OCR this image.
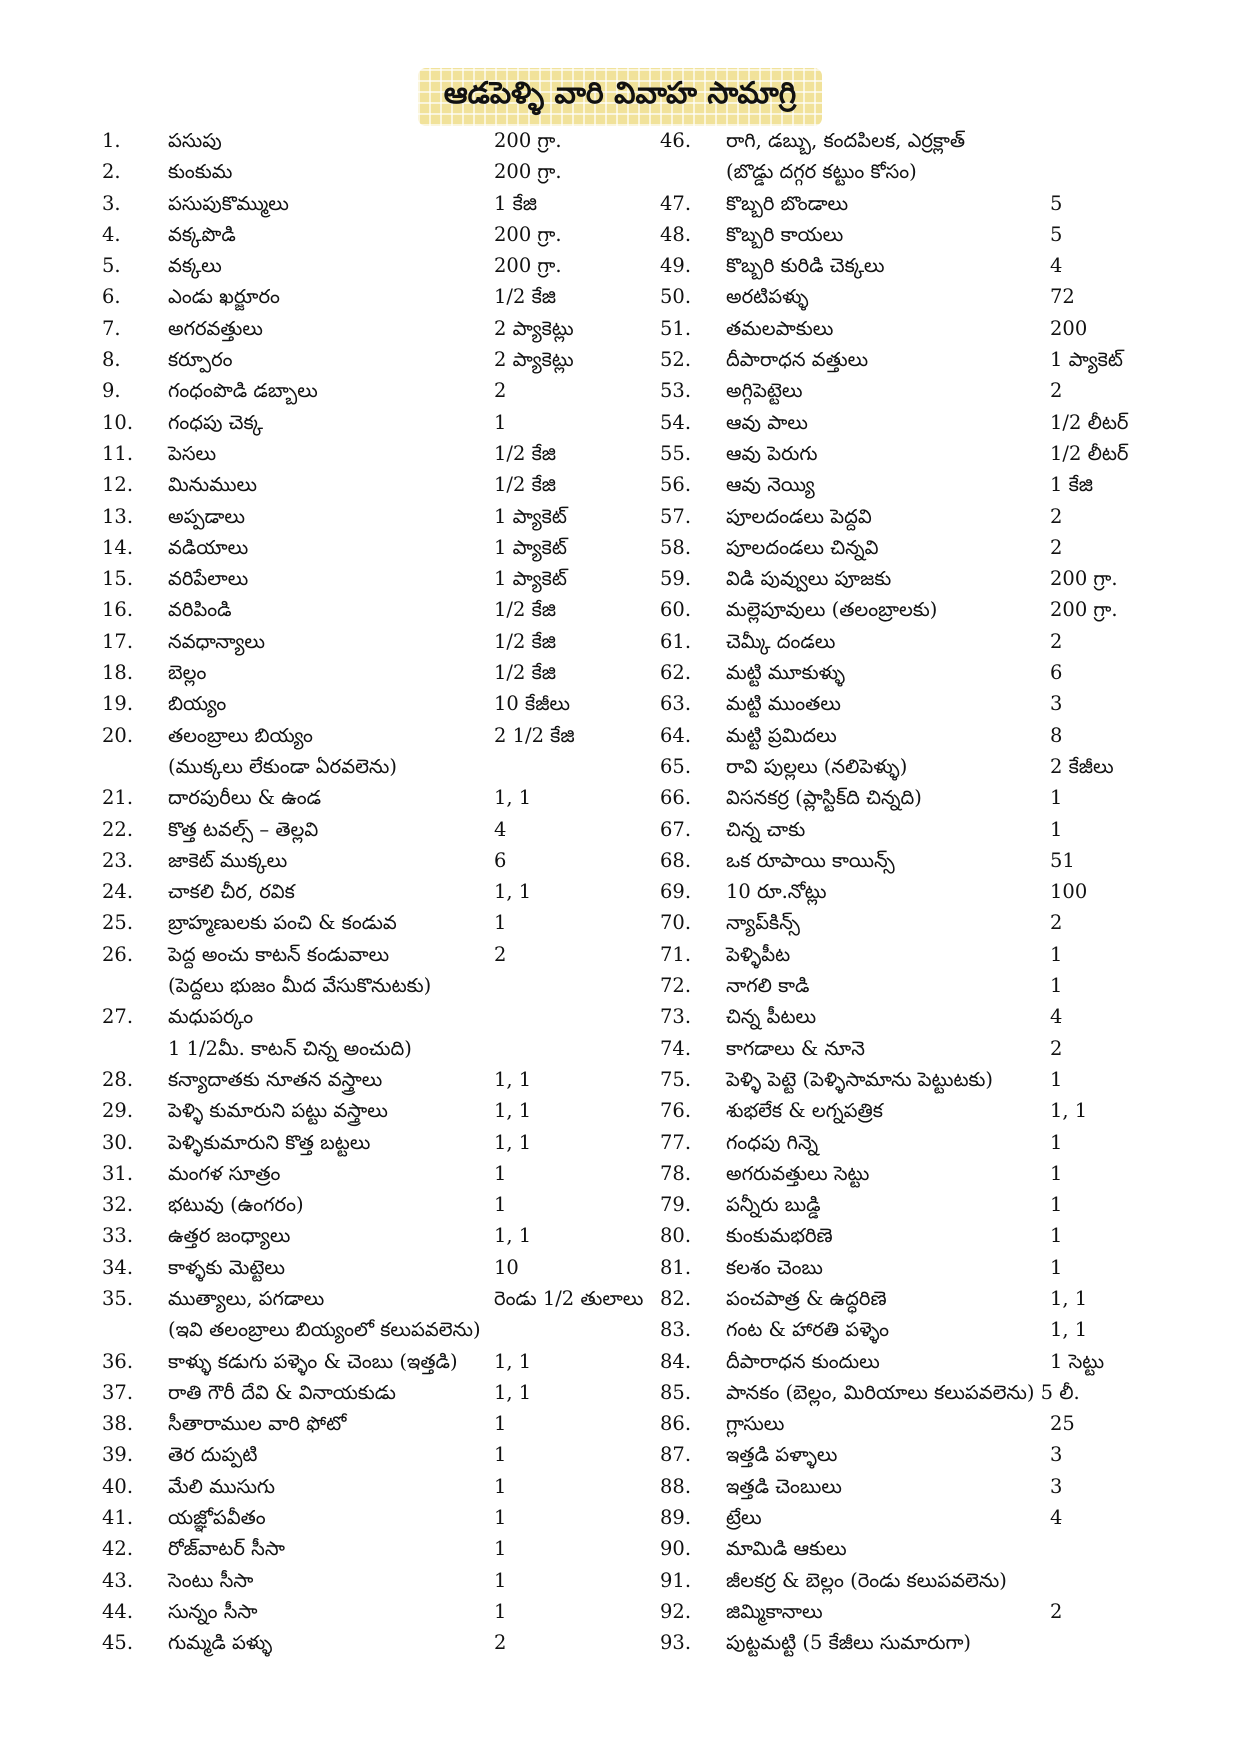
ఆడపెళ్ళి వారి వివాహ సామాగ్రి
1. పసుపు	200 గ్రా.
2. కుంకుమ	200 గ్రా.
3. పసుపుకొమ్ములు	1 కేజి
4. వక్కపొడి	200 గ్రా.
5. వక్కలు	200 గ్రా.
6. ఎండు ఖర్జూరం	1/2 కేజి
7. అగరవత్తులు	2 ప్యాకెట్లు
8. కర్పూరం	2 ప్యాకెట్లు
9. గంధంపొడి డబ్బాలు	2
10. గంధపు చెక్క	1
11. పెసలు	1/2 కేజి
12. మినుములు	1/2 కేజి
13. అప్పడాలు	1 ప్యాకెట్
14. వడియాలు	1 ప్యాకెట్
15. వరిపేలాలు	1 ప్యాకెట్
16. వరిపిండి	1/2 కేజి
17. నవధాన్యాలు	1/2 కేజి
18. బెల్లం	1/2 కేజి
19. బియ్యం	10 కేజీలు
20. తలంబ్రాలు బియ్యం	2 1/2 కేజి
(ముక్కలు లేకుండా ఏరవలెను)
21. దారపురీలు & ఉండ	1, 1
22. కొత్త టవల్స్ – తెల్లవి	4
23. జాకెట్ ముక్కలు	6
24. చాకలి చీర, రవిక	1, 1
25. బ్రాహ్మణులకు పంచి & కండువ	1
26. పెద్ద అంచు కాటన్ కండువాలు	2
(పెద్దలు భుజం మీద వేసుకొనుటకు)
27. మధుపర్కం
1 1/2మీ. కాటన్ చిన్న అంచుది)
28. కన్యాదాతకు నూతన వస్త్రాలు	1, 1
29. పెళ్ళి కుమారుని పట్టు వస్త్రాలు	1, 1
30. పెళ్ళికుమారుని కొత్త బట్టలు	1, 1
31. మంగళ సూత్రం	1
32. భటువు (ఉంగరం)	1
33. ఉత్తర జంధ్యాలు	1, 1
34. కాళ్ళకు మెట్టెలు	10
35. ముత్యాలు, పగడాలు	రెండు 1/2 తులాలు
(ఇవి తలంబ్రాలు బియ్యంలో కలుపవలెను)
36. కాళ్ళు కడుగు పళ్ళెం & చెంబు (ఇత్తడి) 1, 1
37. రాతి గౌరీ దేవి & వినాయకుడు	1, 1
38. సీతారాముల వారి ఫోటో	1
39. తెర దుప్పటి	1
40. మేలి ముసుగు	1
41. యజ్ఞోపవీతం	1
42. రోజ్‌వాటర్ సీసా	1
43. సెంటు సీసా	1
44. సున్నం సీసా	1
45. గుమ్మడి పళ్ళు	2
46. రాగి, డబ్బు, కందపిలక, ఎర్రక్లాత్
(బొడ్డు దగ్గర కట్టుం కోసం)
47. కొబ్బరి బొండాలు	5
48. కొబ్బరి కాయలు	5
49. కొబ్బరి కురిడి చెక్కలు	4
50. అరటిపళ్ళు	72
51. తమలపాకులు	200
52. దీపారాధన వత్తులు	1 ప్యాకెట్
53. అగ్గిపెట్టెలు	2
54. ఆవు పాలు	1/2 లీటర్
55. ఆవు పెరుగు	1/2 లీటర్
56. ఆవు నెయ్యి	1 కేజి
57. పూలదండలు పెద్దవి	2
58. పూలదండలు చిన్నవి	2
59. విడి పువ్వులు పూజకు	200 గ్రా.
60. మల్లెపూవులు (తలంబ్రాలకు)	200 గ్రా.
61. చెమ్కీ దండలు	2
62. మట్టి మూకుళ్ళు	6
63. మట్టి ముంతలు	3
64. మట్టి ప్రమిదలు	8
65. రావి పుల్లలు (నలిపెళ్ళు)	2 కేజీలు
66. విసనకర్ర (ప్లాస్టిక్‌ది చిన్నది)	1
67. చిన్న చాకు	1
68. ఒక రూపాయి కాయిన్స్	51
69. 10 రూ.నోట్లు	100
70. న్యాప్‌కిన్స్	2
71. పెళ్ళిపీట	1
72. నాగలి కాడి	1
73. చిన్న పీటలు	4
74. కాగడాలు & నూనె	2
75. పెళ్ళి పెట్టె (పెళ్ళిసామాను పెట్టుటకు)	1
76. శుభలేక & లగ్నపత్రిక	1, 1
77. గంధపు గిన్నె	1
78. అగరువత్తులు సెట్టు	1
79. పన్నీరు బుడ్డి	1
80. కుంకుమభరిణె	1
81. కలశం చెంబు	1
82. పంచపాత్ర & ఉద్ధరిణె	1, 1
83. గంట & హారతి పళ్ళెం	1, 1
84. దీపారాధన కుందులు	1 సెట్టు
85. పానకం (బెల్లం, మిరియాలు కలుపవలెను) 5 లీ.
86. గ్లాసులు	25
87. ఇత్తడి పళ్ళాలు	3
88. ఇత్తడి చెంబులు	3
89. ట్రేలు	4
90. మామిడి ఆకులు
91. జీలకర్ర & బెల్లం (రెండు కలుపవలెను)
92. జిమ్మికానాలు	2
93. పుట్టమట్టి (5 కేజీలు సుమారుగా)
